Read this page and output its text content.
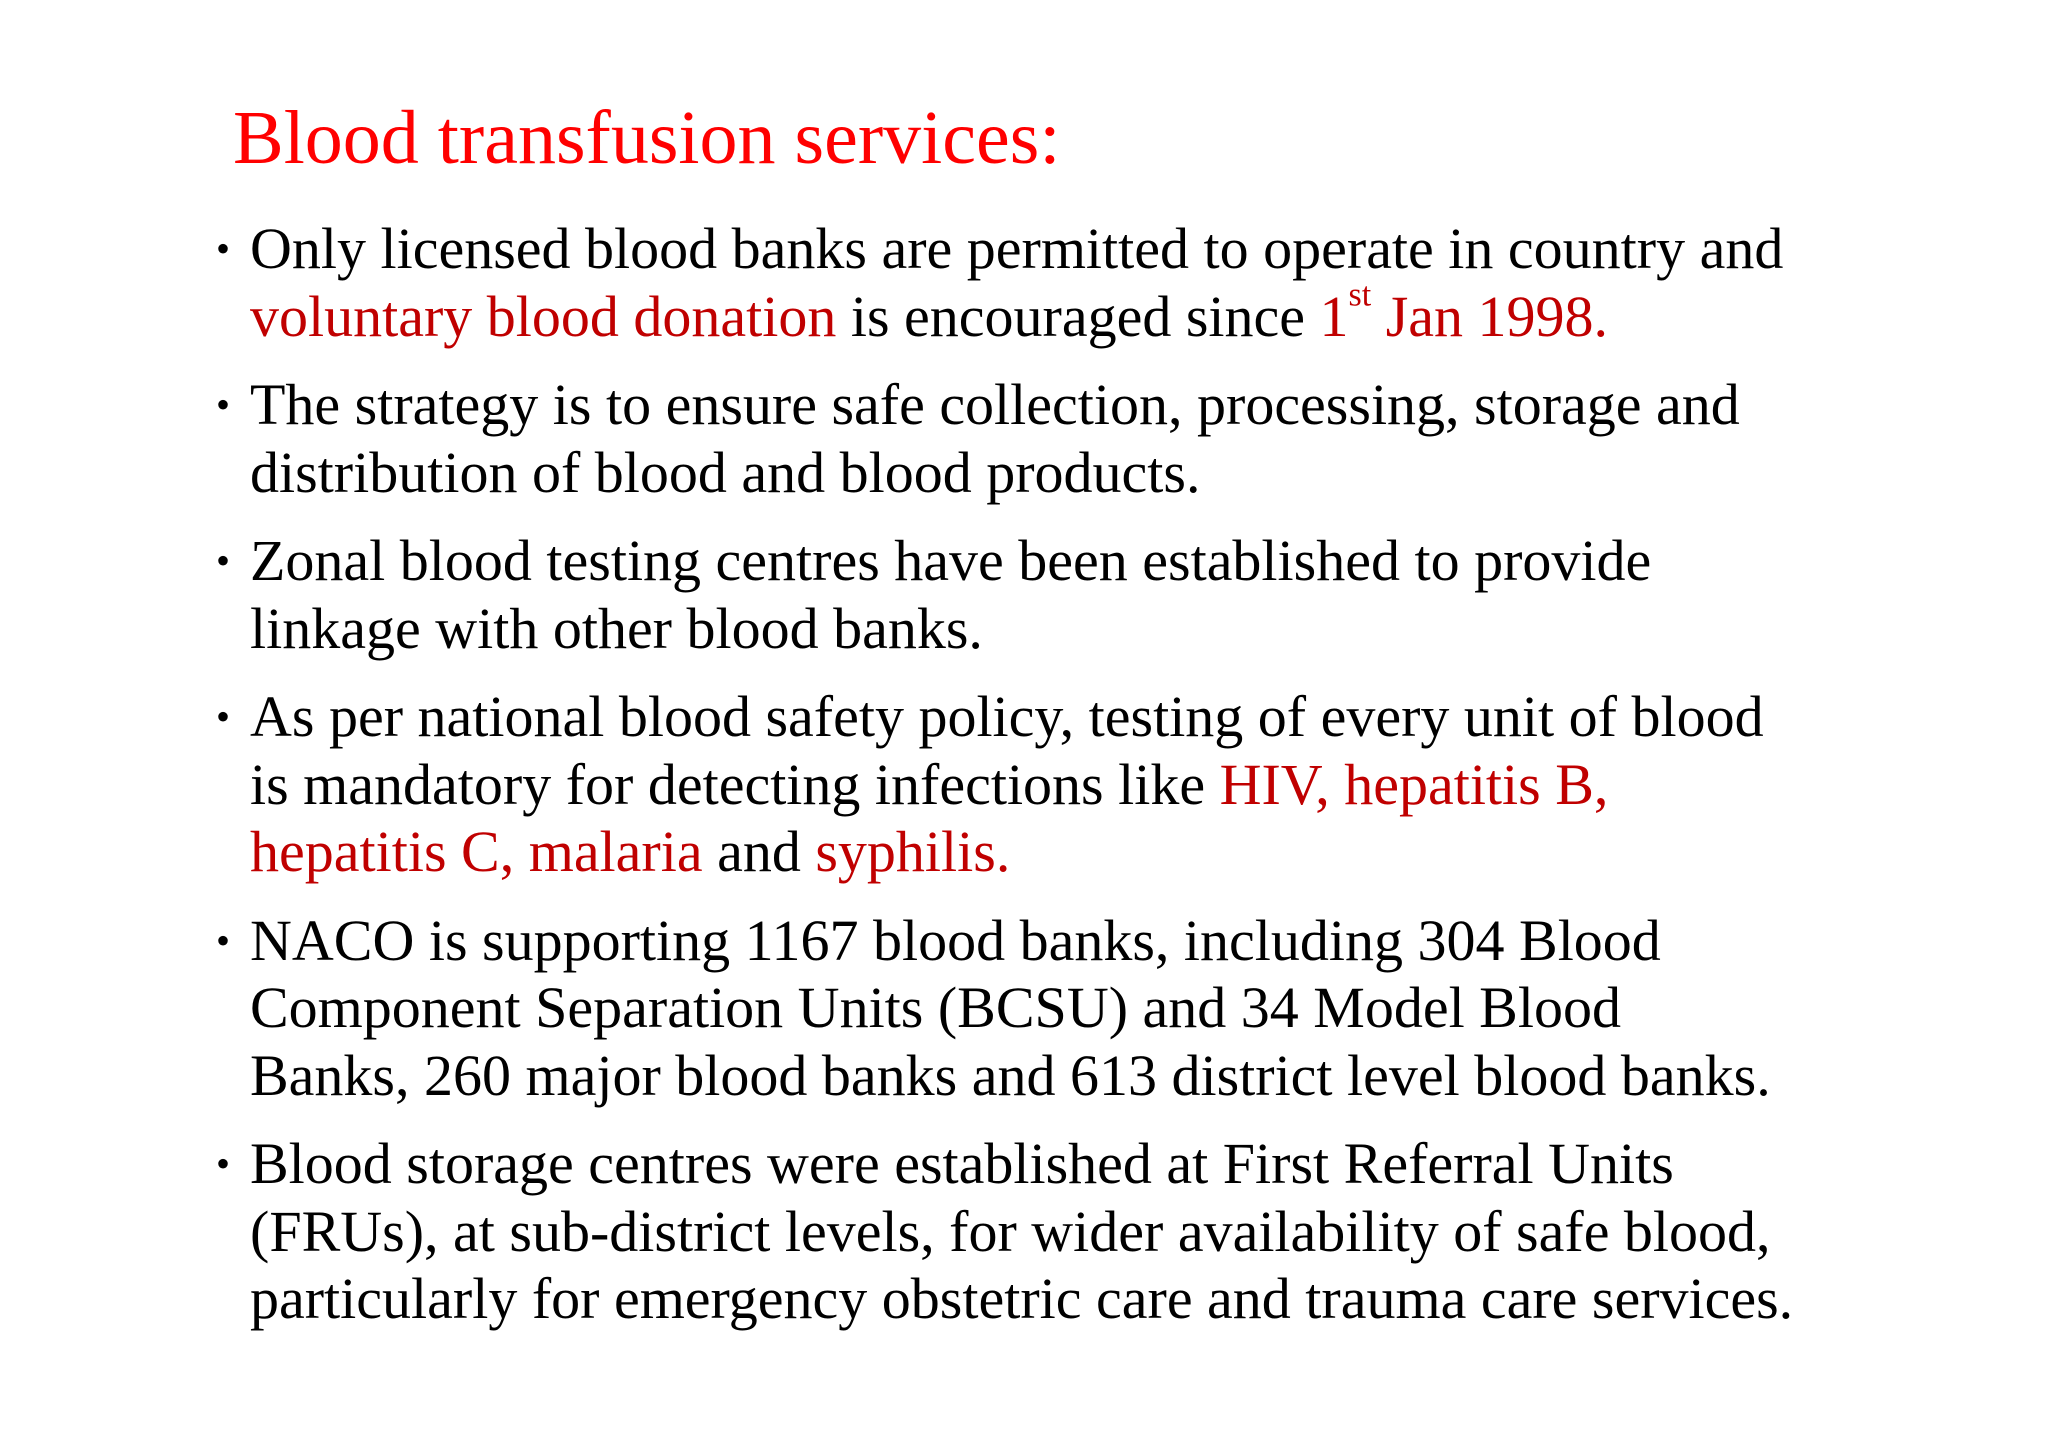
Blood transfusion services:
• Only licensed blood banks are permitted to operate in country and
voluntary blood donation is encouraged since 1st Jan 1998.
• The strategy is to ensure safe collection, processing, storage and
distribution of blood and blood products.
• Zonal blood testing centres have been established to provide
linkage with other blood banks.
• As per national blood safety policy, testing of every unit of blood
is mandatory for detecting infections like HIV, hepatitis B,
hepatitis C, malaria and syphilis.
• NACO is supporting 1167 blood banks, including 304 Blood
Component Separation Units (BCSU) and 34 Model Blood
Banks, 260 major blood banks and 613 district level blood banks.
• Blood storage centres were established at First Referral Units
(FRUs), at sub-district levels, for wider availability of safe blood,
particularly for emergency obstetric care and trauma care services.
